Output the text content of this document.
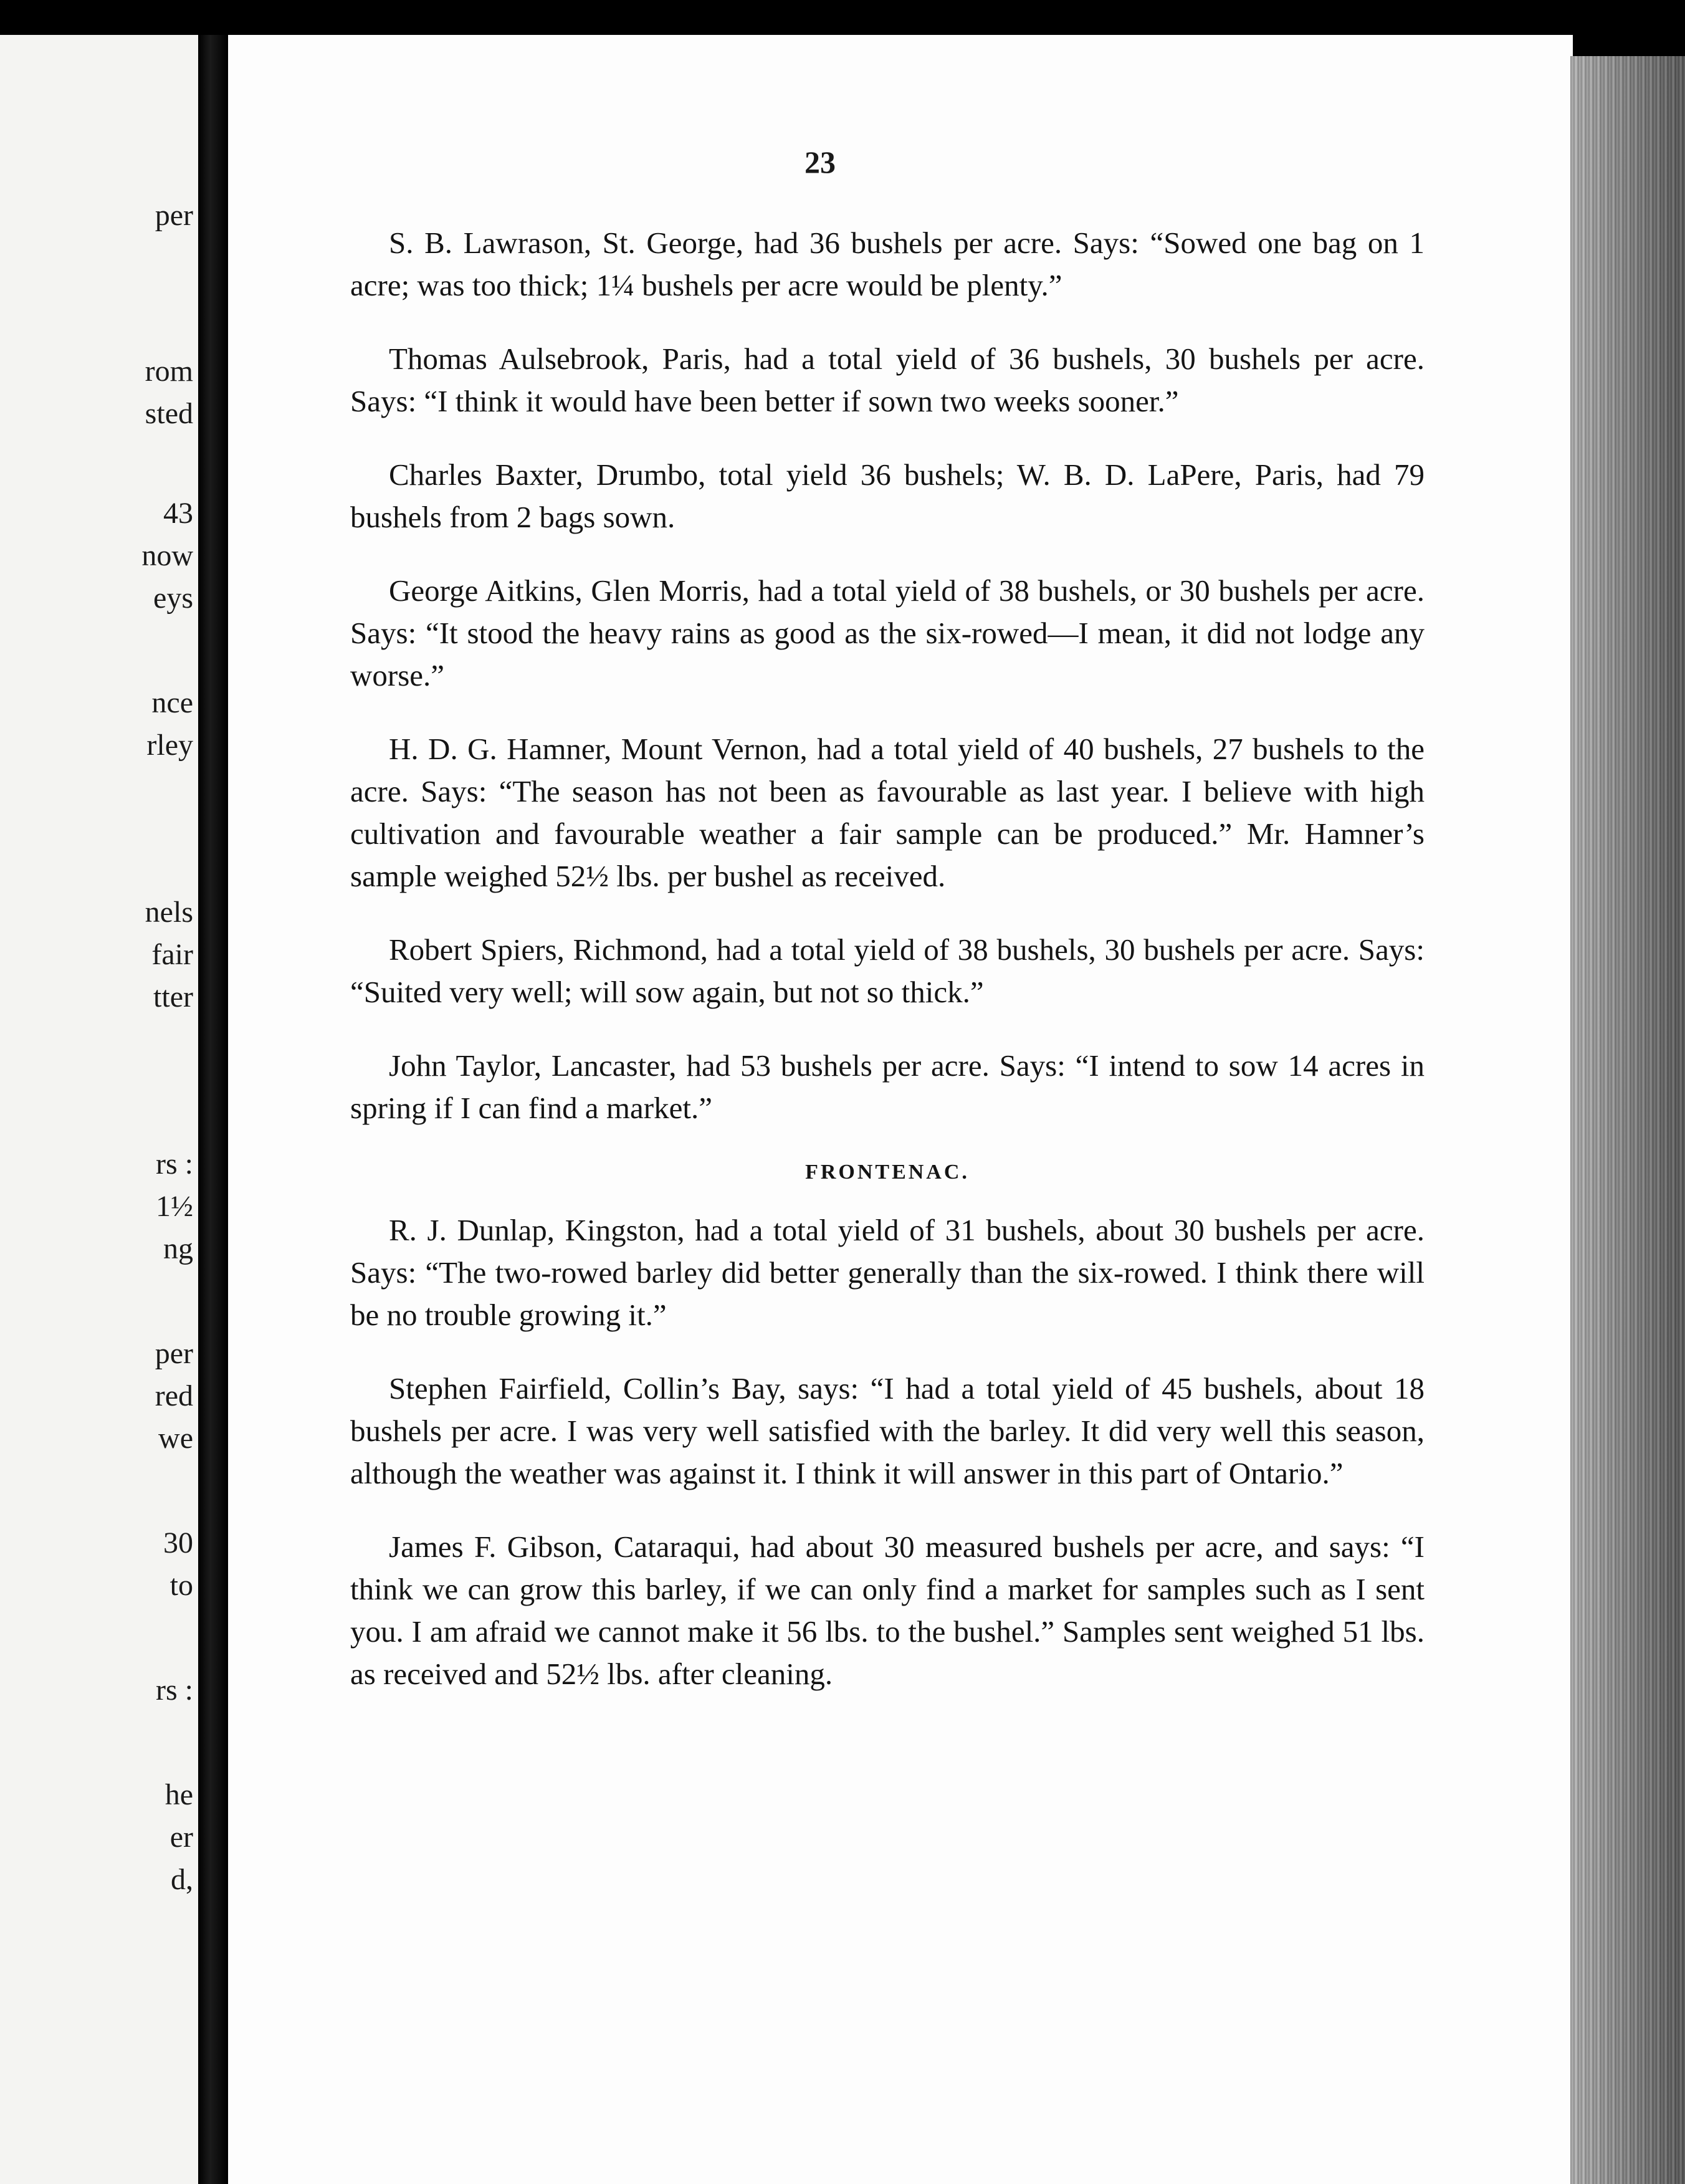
per
rom
sted
43
now
eys
nce
rley
nels
fair
tter
rs :
1½
ng
per
red
we
30
to
rs :
he
er
d,
23

S. B. Lawrason, St. George, had 36 bushels per acre. Says: “Sowed one bag on 1 acre; was too thick; 1¼ bushels per acre would be plenty.”

Thomas Aulsebrook, Paris, had a total yield of 36 bushels, 30 bushels per acre. Says: “I think it would have been better if sown two weeks sooner.”

Charles Baxter, Drumbo, total yield 36 bushels; W. B. D. LaPere, Paris, had 79 bushels from 2 bags sown.

George Aitkins, Glen Morris, had a total yield of 38 bushels, or 30 bushels per acre. Says: “It stood the heavy rains as good as the six-rowed—I mean, it did not lodge any worse.”

H. D. G. Hamner, Mount Vernon, had a total yield of 40 bushels, 27 bushels to the acre. Says: “The season has not been as favourable as last year. I believe with high cultivation and favourable weather a fair sample can be produced.” Mr. Hamner’s sample weighed 52½ lbs. per bushel as received.

Robert Spiers, Richmond, had a total yield of 38 bushels, 30 bushels per acre. Says: “Suited very well; will sow again, but not so thick.”

John Taylor, Lancaster, had 53 bushels per acre. Says: “I intend to sow 14 acres in spring if I can find a market.”

FRONTENAC.

R. J. Dunlap, Kingston, had a total yield of 31 bushels, about 30 bushels per acre. Says: “The two-rowed barley did better generally than the six-rowed. I think there will be no trouble growing it.”

Stephen Fairfield, Collin’s Bay, says: “I had a total yield of 45 bushels, about 18 bushels per acre. I was very well satisfied with the barley. It did very well this season, although the weather was against it. I think it will answer in this part of Ontario.”

James F. Gibson, Cataraqui, had about 30 measured bushels per acre, and says: “I think we can grow this barley, if we can only find a market for samples such as I sent you. I am afraid we cannot make it 56 lbs. to the bushel.” Samples sent weighed 51 lbs. as received and 52½ lbs. after cleaning.
